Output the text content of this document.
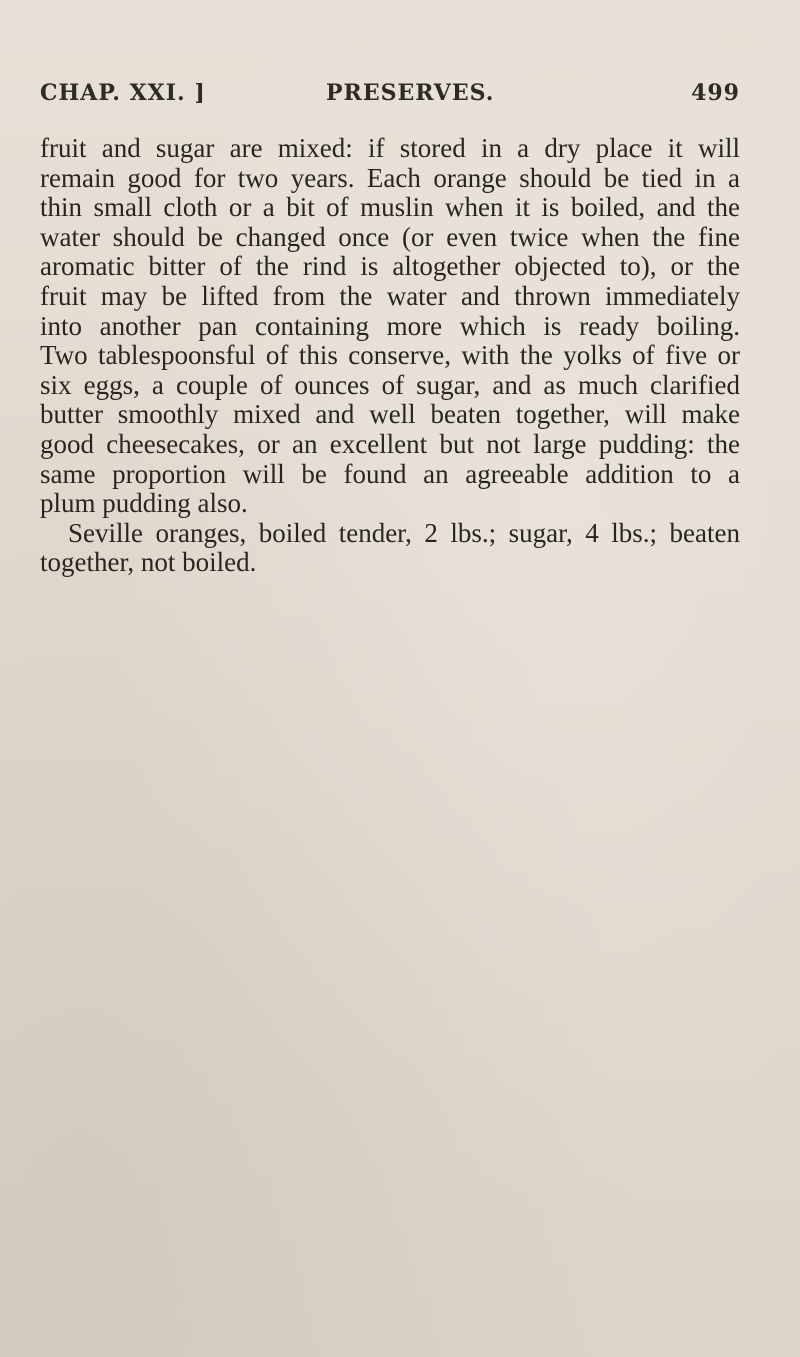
CHAP. XXI. ]	PRESERVES.	499
fruit and sugar are mixed: if stored in a dry place it will
remain good for two years. Each orange should be tied in a
thin small cloth or a bit of muslin when it is boiled, and the
water should be changed once (or even twice when the fine
aromatic bitter of the rind is altogether objected to), or the
fruit may be lifted from the water and thrown immediately
into another pan containing more which is ready boiling.
Two tablespoonsful of this conserve, with the yolks of five or
six eggs, a couple of ounces of sugar, and as much clarified
butter smoothly mixed and well beaten together, will make
good cheesecakes, or an excellent but not large pudding: the
same proportion will be found an agreeable addition to a
plum pudding also.
Seville oranges, boiled tender, 2 lbs.; sugar, 4 lbs.; beaten
together, not boiled.
